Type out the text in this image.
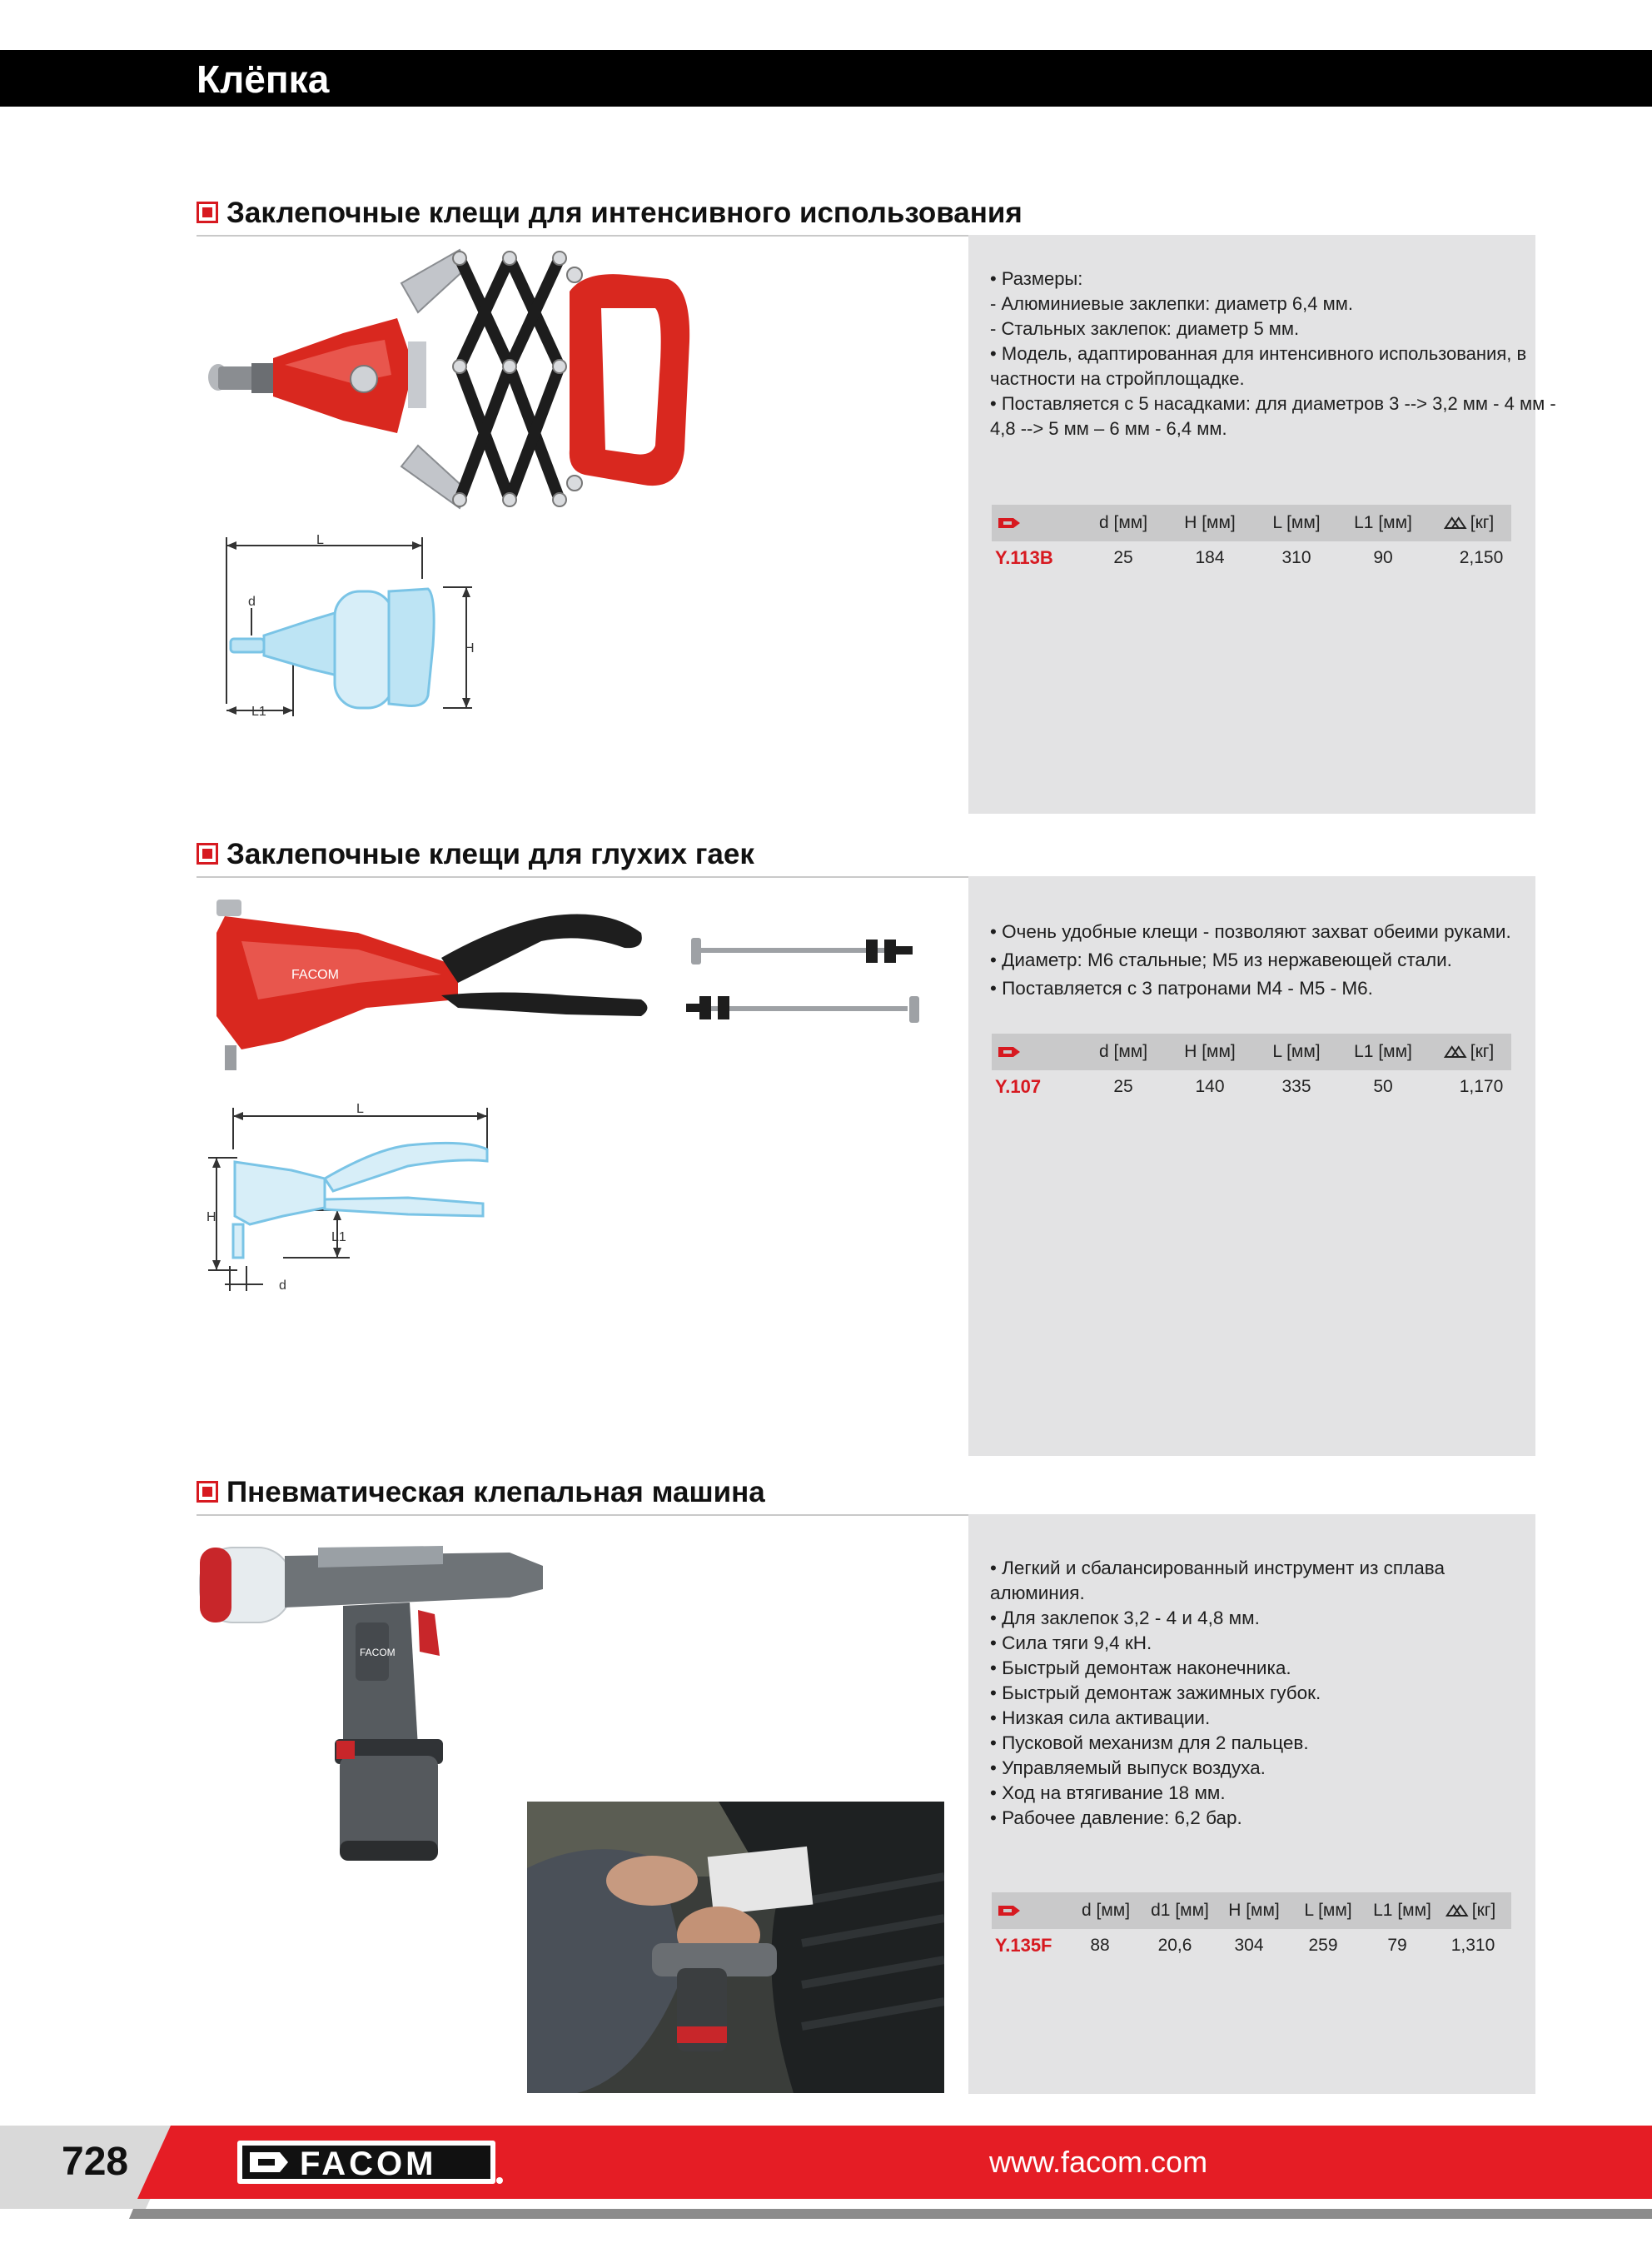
Клёпка
Заклепочные клещи для интенсивного использования
L
d
H
L1
• Размеры:
- Алюминиевые заклепки: диаметр 6,4 мм.
- Стальных заклепок: диаметр 5 мм.
• Модель, адаптированная для интенсивного использования, в
частности на стройплощадке.
• Поставляется с 5 насадками: для диаметров 3 --> 3,2 мм - 4 мм -
4,8 --> 5 мм – 6 мм - 6,4 мм.
d [мм] H [мм] L [мм] L1 [мм]	[кг]
Y.113B	25	184	310	90	2,150
Заклепочные клещи для глухих гаек
FACOM
L
H
L1
d
• Очень удобные клещи - позволяют захват обеими руками.
• Диаметр: М6 стальные; М5 из нержавеющей стали.
• Поставляется с 3 патронами М4 - М5 - М6.
d [мм] H [мм] L [мм] L1 [мм]	[кг]
Y.107	25	140	335	50	1,170
Пневматическая клепальная машина
FACOM
• Легкий и сбалансированный инструмент из сплава
алюминия.
• Для заклепок 3,2 - 4 и 4,8 мм.
• Сила тяги 9,4 кН.
• Быстрый демонтаж наконечника.
• Быстрый демонтаж зажимных губок.
• Низкая сила активации.
• Пусковой механизм для 2 пальцев.
• Управляемый выпуск воздуха.
• Ход на втягивание 18 мм.
• Рабочее давление: 6,2 бар.
d [мм] d1 [мм] H [мм] L [мм] L1 [мм]	[кг]
Y.135F 88	20,6 304	259	79	1,310
728	FACOM	www.facom.com
